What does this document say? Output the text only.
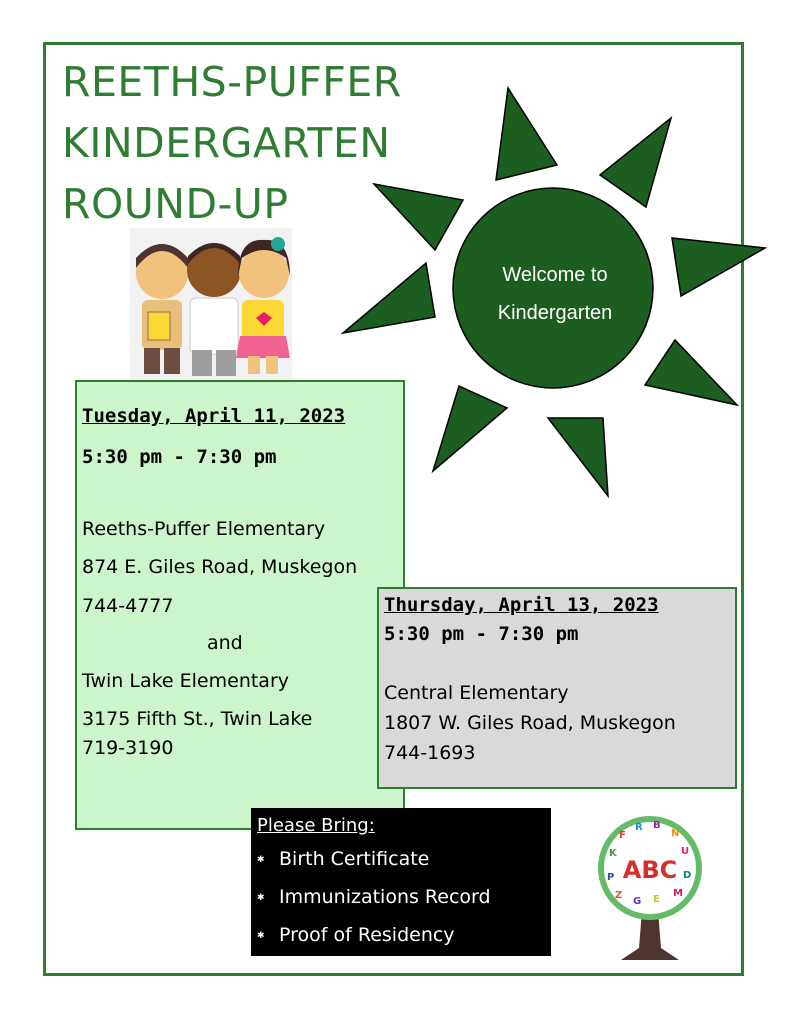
REETHS-PUFFER
KINDERGARTEN
ROUND-UP
Welcome to
Kindergarten
Tuesday, April 11, 2023
5:30 pm - 7:30 pm
Reeths-Puffer Elementary
874 E. Giles Road, Muskegon
744-4777
and
Twin Lake Elementary
3175 Fifth St., Twin Lake
719-3190
Thursday, April 13, 2023
5:30 pm - 7:30 pm
Central Elementary
1807 W. Giles Road, Muskegon
744-1693
Please Bring:
✱ Birth Certificate
✱ Immunizations Record
✱ Proof of Residency
F
R B
N
K	U
P	D
Z
G E
M
ABC
